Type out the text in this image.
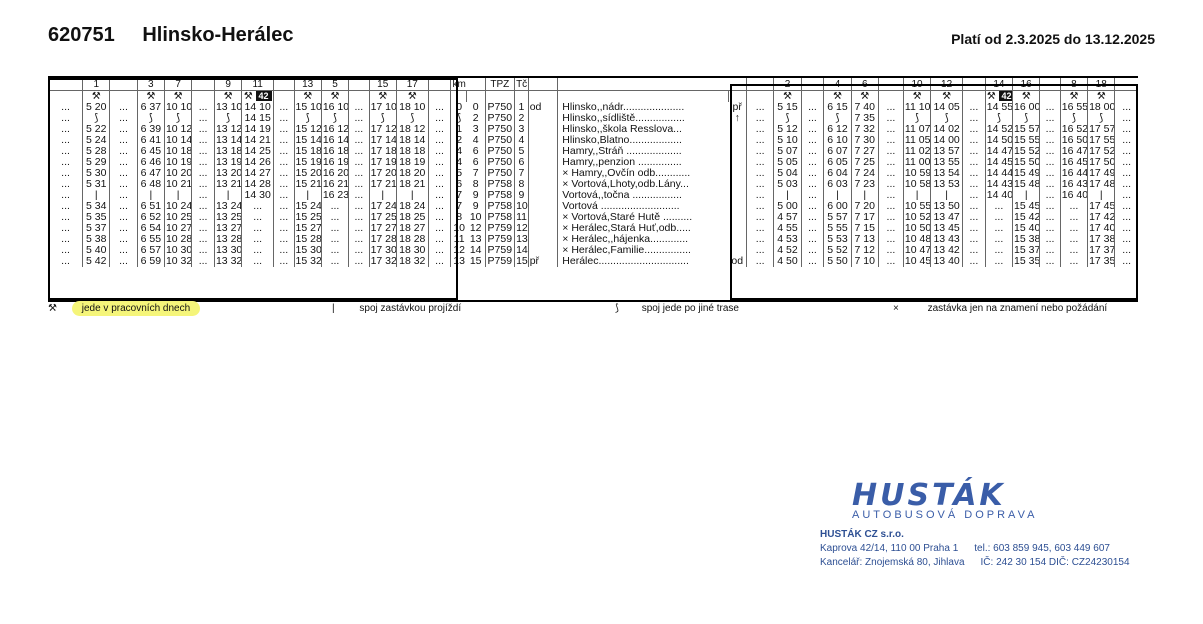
620751 Hlinsko-Herálec	Platí od 2.3.2025 do 13.12.2025
	1		3	7		9	11		13	5		15	17		km		TPZ	Tč					2		4	6		10	12		14	16		8	18	
	⚒		⚒	⚒		⚒	⚒ 42		⚒	⚒		⚒	⚒										⚒		⚒	⚒		⚒	⚒		⚒ 42	⚒		⚒	⚒	
...	5 20	...	6 37	10 10	...	13 10	14 10	...	15 10	16 10	...	17 10	18 10	...	0	0	P750	1	od	Hlinsko,,nádr.....................	př	...	5 15	...	6 15	7 40	...	11 10	14 05	...	14 55	16 00	...	16 55	18 00	...
...	⟆	...	⟆	⟆	...	⟆	14 15	...	⟆	⟆	...	⟆	⟆	...	⟆	2	P750	2		Hlinsko,,sídliště.................	↑	...	⟆	...	⟆	7 35	...	⟆	⟆	...	⟆	⟆	...	⟆	⟆	...
...	5 22	...	6 39	10 12	...	13 12	14 19	...	15 12	16 12	...	17 12	18 12	...	1	3	P750	3		Hlinsko,,škola Resslova...		...	5 12	...	6 12	7 32	...	11 07	14 02	...	14 52	15 57	...	16 52	17 57	...
...	5 24	...	6 41	10 14	...	13 14	14 21	...	15 14	16 14	...	17 14	18 14	...	2	4	P750	4		Hlinsko,Blatno..................		...	5 10	...	6 10	7 30	...	11 05	14 00	...	14 50	15 55	...	16 50	17 55	...
...	5 28	...	6 45	10 18	...	13 18	14 25	...	15 18	16 18	...	17 18	18 18	...	4	6	P750	5		Hamry,,Stráň ...................		...	5 07	...	6 07	7 27	...	11 02	13 57	...	14 47	15 52	...	16 47	17 52	...
...	5 29	...	6 46	10 19	...	13 19	14 26	...	15 19	16 19	...	17 19	18 19	...	4	6	P750	6		Hamry,,penzion ...............		...	5 05	...	6 05	7 25	...	11 00	13 55	...	14 45	15 50	...	16 45	17 50	...
...	5 30	...	6 47	10 20	...	13 20	14 27	...	15 20	16 20	...	17 20	18 20	...	5	7	P750	7		× Hamry,,Ovčín odb............		...	5 04	...	6 04	7 24	...	10 59	13 54	...	14 44	15 49	...	16 44	17 49	...
...	5 31	...	6 48	10 21	...	13 21	14 28	...	15 21	16 21	...	17 21	18 21	...	6	8	P758	8		× Vortová,Lhoty,odb.Lány...		...	5 03	...	6 03	7 23	...	10 58	13 53	...	14 43	15 48	...	16 43	17 48	...
...	|	...	|	|	...	|	14 30	...	|	16 23	...	|	|	...	7	9	P758	9		Vortová,,točna .................		...	|	...	|	|	...	|	|	...	14 40	|	...	16 40	|	...
...	5 34	...	6 51	10 24	...	13 24	...	...	15 24	...	...	17 24	18 24	...	7	9	P758	10		Vortová ...........................		...	5 00	...	6 00	7 20	...	10 55	13 50	...	...	15 45	...	...	17 45	...
...	5 35	...	6 52	10 25	...	13 25	...	...	15 25	...	...	17 25	18 25	...	8	10	P758	11		× Vortová,Staré Hutě ..........		...	4 57	...	5 57	7 17	...	10 52	13 47	...	...	15 42	...	...	17 42	...
...	5 37	...	6 54	10 27	...	13 27	...	...	15 27	...	...	17 27	18 27	...	10	12	P759	12		× Herálec,Stará Huť,odb.....		...	4 55	...	5 55	7 15	...	10 50	13 45	...	...	15 40	...	...	17 40	...
...	5 38	...	6 55	10 28	...	13 28	...	...	15 28	...	...	17 28	18 28	...	11	13	P759	13		× Herálec,,hájenka.............		...	4 53	...	5 53	7 13	...	10 48	13 43	...	...	15 38	...	...	17 38	...
...	5 40	...	6 57	10 30	...	13 30	...	...	15 30	...	...	17 30	18 30	...	12	14	P759	14		× Herálec,Familie................		...	4 52	...	5 52	7 12	...	10 47	13 42	...	...	15 37	...	...	17 37	...
...	5 42	...	6 59	10 32	...	13 32	...	...	15 32	...	...	17 32	18 32	...	13	15	P759	15	př	Herálec...............................	od	...	4 50	...	5 50	7 10	...	10 45	13 40	...	...	15 35	...	...	17 35	...
⚒ jede v pracovních dnech	| spoj zastávkou projíždí	⟆ spoj jede po jiné trase	×	zastávka jen na znamení nebo požádání
HUSTÁK
AUTOBUSOVÁ DOPRAVA
HUSTÁK CZ s.r.o.
Kaprova 42/14, 110 00 Praha 1 tel.: 603 859 945, 603 449 607
Kancelář: Znojemská 80, Jihlava IČ: 242 30 154 DIČ: CZ24230154
